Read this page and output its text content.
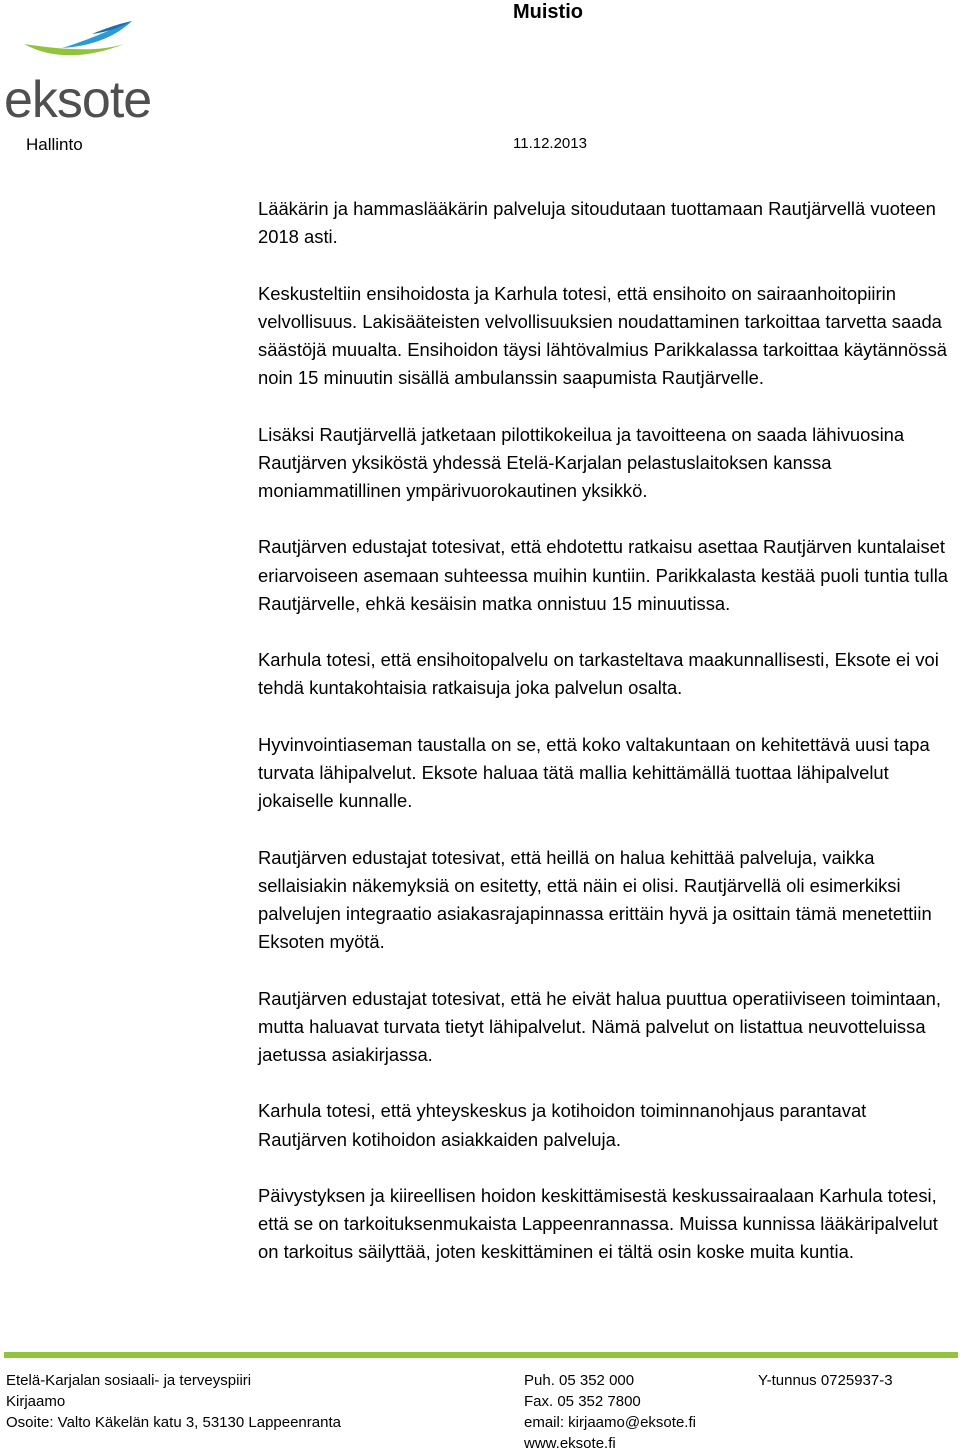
eksote
Muistio
Hallinto	11.12.2013

Lääkärin ja hammaslääkärin palveluja sitoudutaan tuottamaan Rautjärvellä vuoteen 2018 asti.

Keskusteltiin ensihoidosta ja Karhula totesi, että ensihoito on sairaanhoitopiirin velvollisuus. Lakisääteisten velvollisuuksien noudattaminen tarkoittaa tarvetta saada säästöjä muualta. Ensihoidon täysi lähtövalmius Parikkalassa tarkoittaa käytännössä noin 15 minuutin sisällä ambulanssin saapumista Rautjärvelle.

Lisäksi Rautjärvellä jatketaan pilottikokeilua ja tavoitteena on saada lähivuosina Rautjärven yksiköstä yhdessä Etelä-Karjalan pelastuslaitoksen kanssa moniammatillinen ympärivuorokautinen yksikkö.

Rautjärven edustajat totesivat, että ehdotettu ratkaisu asettaa Rautjärven kuntalaiset eriarvoiseen asemaan suhteessa muihin kuntiin. Parikkalasta kestää puoli tuntia tulla Rautjärvelle, ehkä kesäisin matka onnistuu 15 minuutissa.

Karhula totesi, että ensihoitopalvelu on tarkasteltava maakunnallisesti, Eksote ei voi tehdä kuntakohtaisia ratkaisuja joka palvelun osalta.

Hyvinvointiaseman taustalla on se, että koko valtakuntaan on kehitettävä uusi tapa turvata lähipalvelut. Eksote haluaa tätä mallia kehittämällä tuottaa lähipalvelut jokaiselle kunnalle.

Rautjärven edustajat totesivat, että heillä on halua kehittää palveluja, vaikka sellaisiakin näkemyksiä on esitetty, että näin ei olisi. Rautjärvellä oli esimerkiksi palvelujen integraatio asiakasrajapinnassa erittäin hyvä ja osittain tämä menetettiin Eksoten myötä.

Rautjärven edustajat totesivat, että he eivät halua puuttua operatiiviseen toimintaan, mutta haluavat turvata tietyt lähipalvelut. Nämä palvelut on listattua neuvotteluissa jaetussa asiakirjassa.

Karhula totesi, että yhteyskeskus ja kotihoidon toiminnanohjaus parantavat Rautjärven kotihoidon asiakkaiden palveluja.

Päivystyksen ja kiireellisen hoidon keskittämisestä keskussairaalaan Karhula totesi, että se on tarkoituksenmukaista Lappeenrannassa. Muissa kunnissa lääkäripalvelut on tarkoitus säilyttää, joten keskittäminen ei tältä osin koske muita kuntia.

Etelä-Karjalan sosiaali- ja terveyspiiri
Kirjaamo
Osoite: Valto Käkelän katu 3, 53130 Lappeenranta
Puh. 05 352 000
Fax. 05 352 7800
email: kirjaamo@eksote.fi
www.eksote.fi
Y-tunnus 0725937-3
